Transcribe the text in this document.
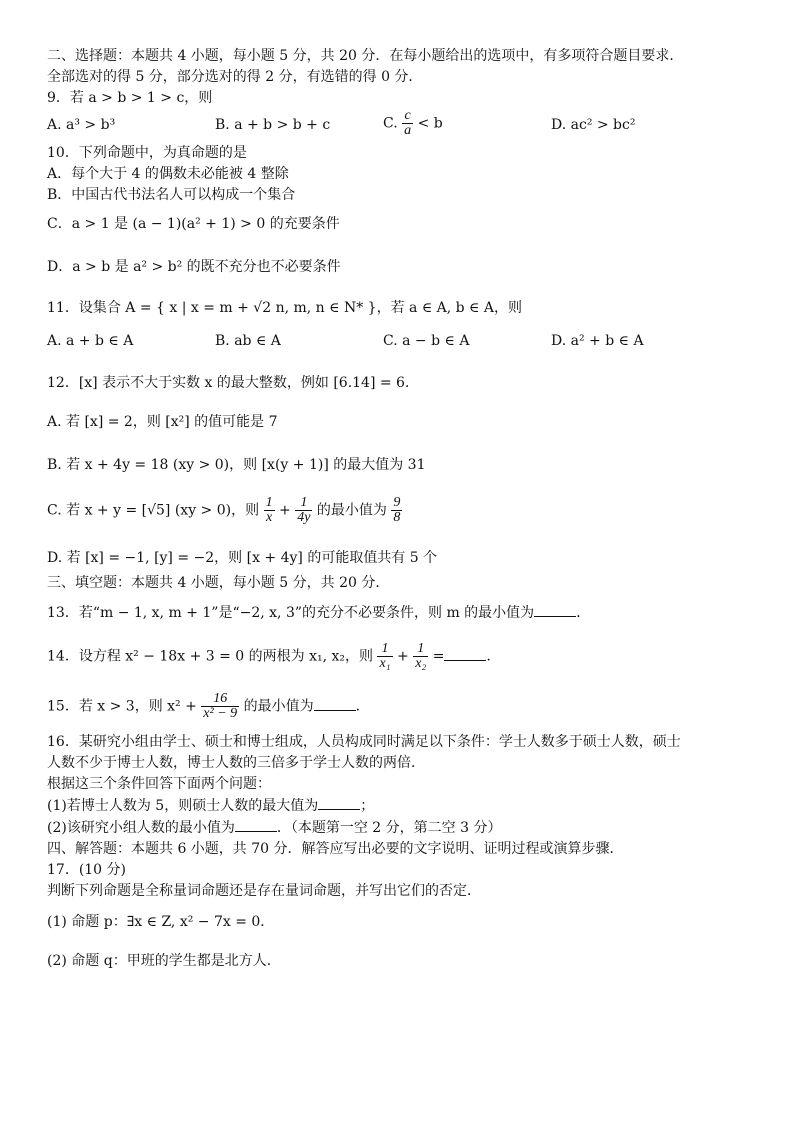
二、选择题：本题共 4 小题，每小题 5 分，共 20 分．在每小题给出的选项中，有多项符合题目要求．
全部选对的得 5 分，部分选对的得 2 分，有选错的得 0 分．
9．若 a > b > 1 > c，则
A. a³ > b³	B. a + b > b + c	C. $\frac{c}{a} < b$	D. ac² > bc²
10．下列命题中，为真命题的是
A．每个大于 4 的偶数未必能被 4 整除
B．中国古代书法名人可以构成一个集合
C．a > 1 是 (a − 1)(a² + 1) > 0 的充要条件
D．a > b 是 a² > b² 的既不充分也不必要条件
11．设集合 A = { x | x = m + √2 n, m, n ∈ N* }，若 a ∈ A, b ∈ A，则
A. a + b ∈ A	B. ab ∈ A	C. a − b ∈ A	D. a² + b ∈ A
12．[x] 表示不大于实数 x 的最大整数，例如 [6.14] = 6．
A. 若 [x] = 2，则 [x²] 的值可能是 7
B. 若 x + 4y = 18 (xy > 0)，则 [x(y + 1)] 的最大值为 31
C. 若 x + y = [√5] (xy > 0)，则 $\frac{1}{x} + \frac{1}{4y}$ 的最小值为 $\frac{9}{8}$
D. 若 [x] = −1, [y] = −2，则 [x + 4y] 的可能取值共有 5 个
三、填空题：本题共 4 小题，每小题 5 分，共 20 分．
13．若“m − 1, x, m + 1”是“−2, x, 3”的充分不必要条件，则 m 的最小值为	．
14．设方程 x² − 18x + 3 = 0 的两根为 x₁, x₂，则 $\frac{1}{\text{x₁}} + \frac{1}{\text{x₂}}$ =	．
15．若 x > 3，则 $x^2 + \frac{16}{\text{x² − 9}}$ 的最小值为	．
16．某研究小组由学士、硕士和博士组成，人员构成同时满足以下条件：学士人数多于硕士人数，硕士
人数不少于博士人数，博士人数的三倍多于学士人数的两倍．
根据这三个条件回答下面两个问题：
(1)若博士人数为 5，则硕士人数的最大值为	；
(2)该研究小组人数的最小值为	．（本题第一空 2 分，第二空 3 分）
四、解答题：本题共 6 小题，共 70 分．解答应写出必要的文字说明、证明过程或演算步骤．
17．(10 分)
判断下列命题是全称量词命题还是存在量词命题，并写出它们的否定．
(1) 命题 p：∃x ∈ Z, x² − 7x = 0．
(2) 命题 q：甲班的学生都是北方人．
